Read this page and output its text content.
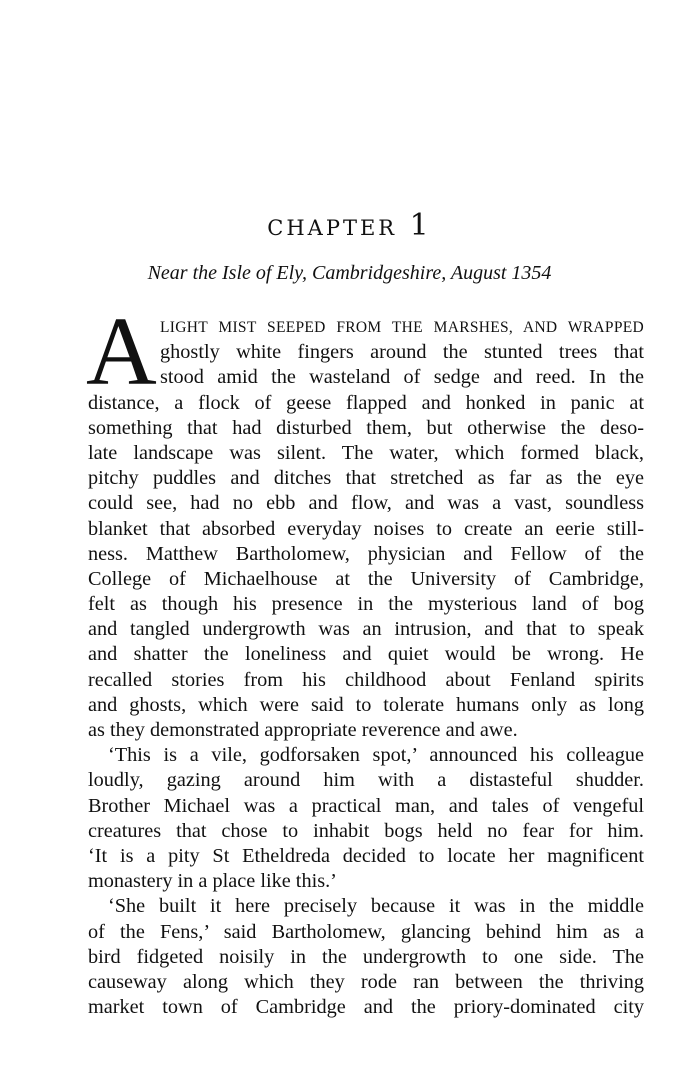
chapter 1
Near the Isle of Ely, Cambridgeshire, August 1354
A LIGHT MIST SEEPED FROM THE MARSHES, AND WRAPPED
ghostly white fingers around the stunted trees that
stood amid the wasteland of sedge and reed. In the
distance, a flock of geese flapped and honked in panic at
something that had disturbed them, but otherwise the deso-
late landscape was silent. The water, which formed black,
pitchy puddles and ditches that stretched as far as the eye
could see, had no ebb and flow, and was a vast, soundless
blanket that absorbed everyday noises to create an eerie still-
ness. Matthew Bartholomew, physician and Fellow of the
College of Michaelhouse at the University of Cambridge,
felt as though his presence in the mysterious land of bog
and tangled undergrowth was an intrusion, and that to speak
and shatter the loneliness and quiet would be wrong. He
recalled stories from his childhood about Fenland spirits
and ghosts, which were said to tolerate humans only as long
as they demonstrated appropriate reverence and awe.
‘This is a vile, godforsaken spot,’ announced his colleague
loudly, gazing around him with a distasteful shudder.
Brother Michael was a practical man, and tales of vengeful
creatures that chose to inhabit bogs held no fear for him.
‘It is a pity St Etheldreda decided to locate her magnificent
monastery in a place like this.’
‘She built it here precisely because it was in the middle
of the Fens,’ said Bartholomew, glancing behind him as a
bird fidgeted noisily in the undergrowth to one side. The
causeway along which they rode ran between the thriving
market town of Cambridge and the priory-dominated city
